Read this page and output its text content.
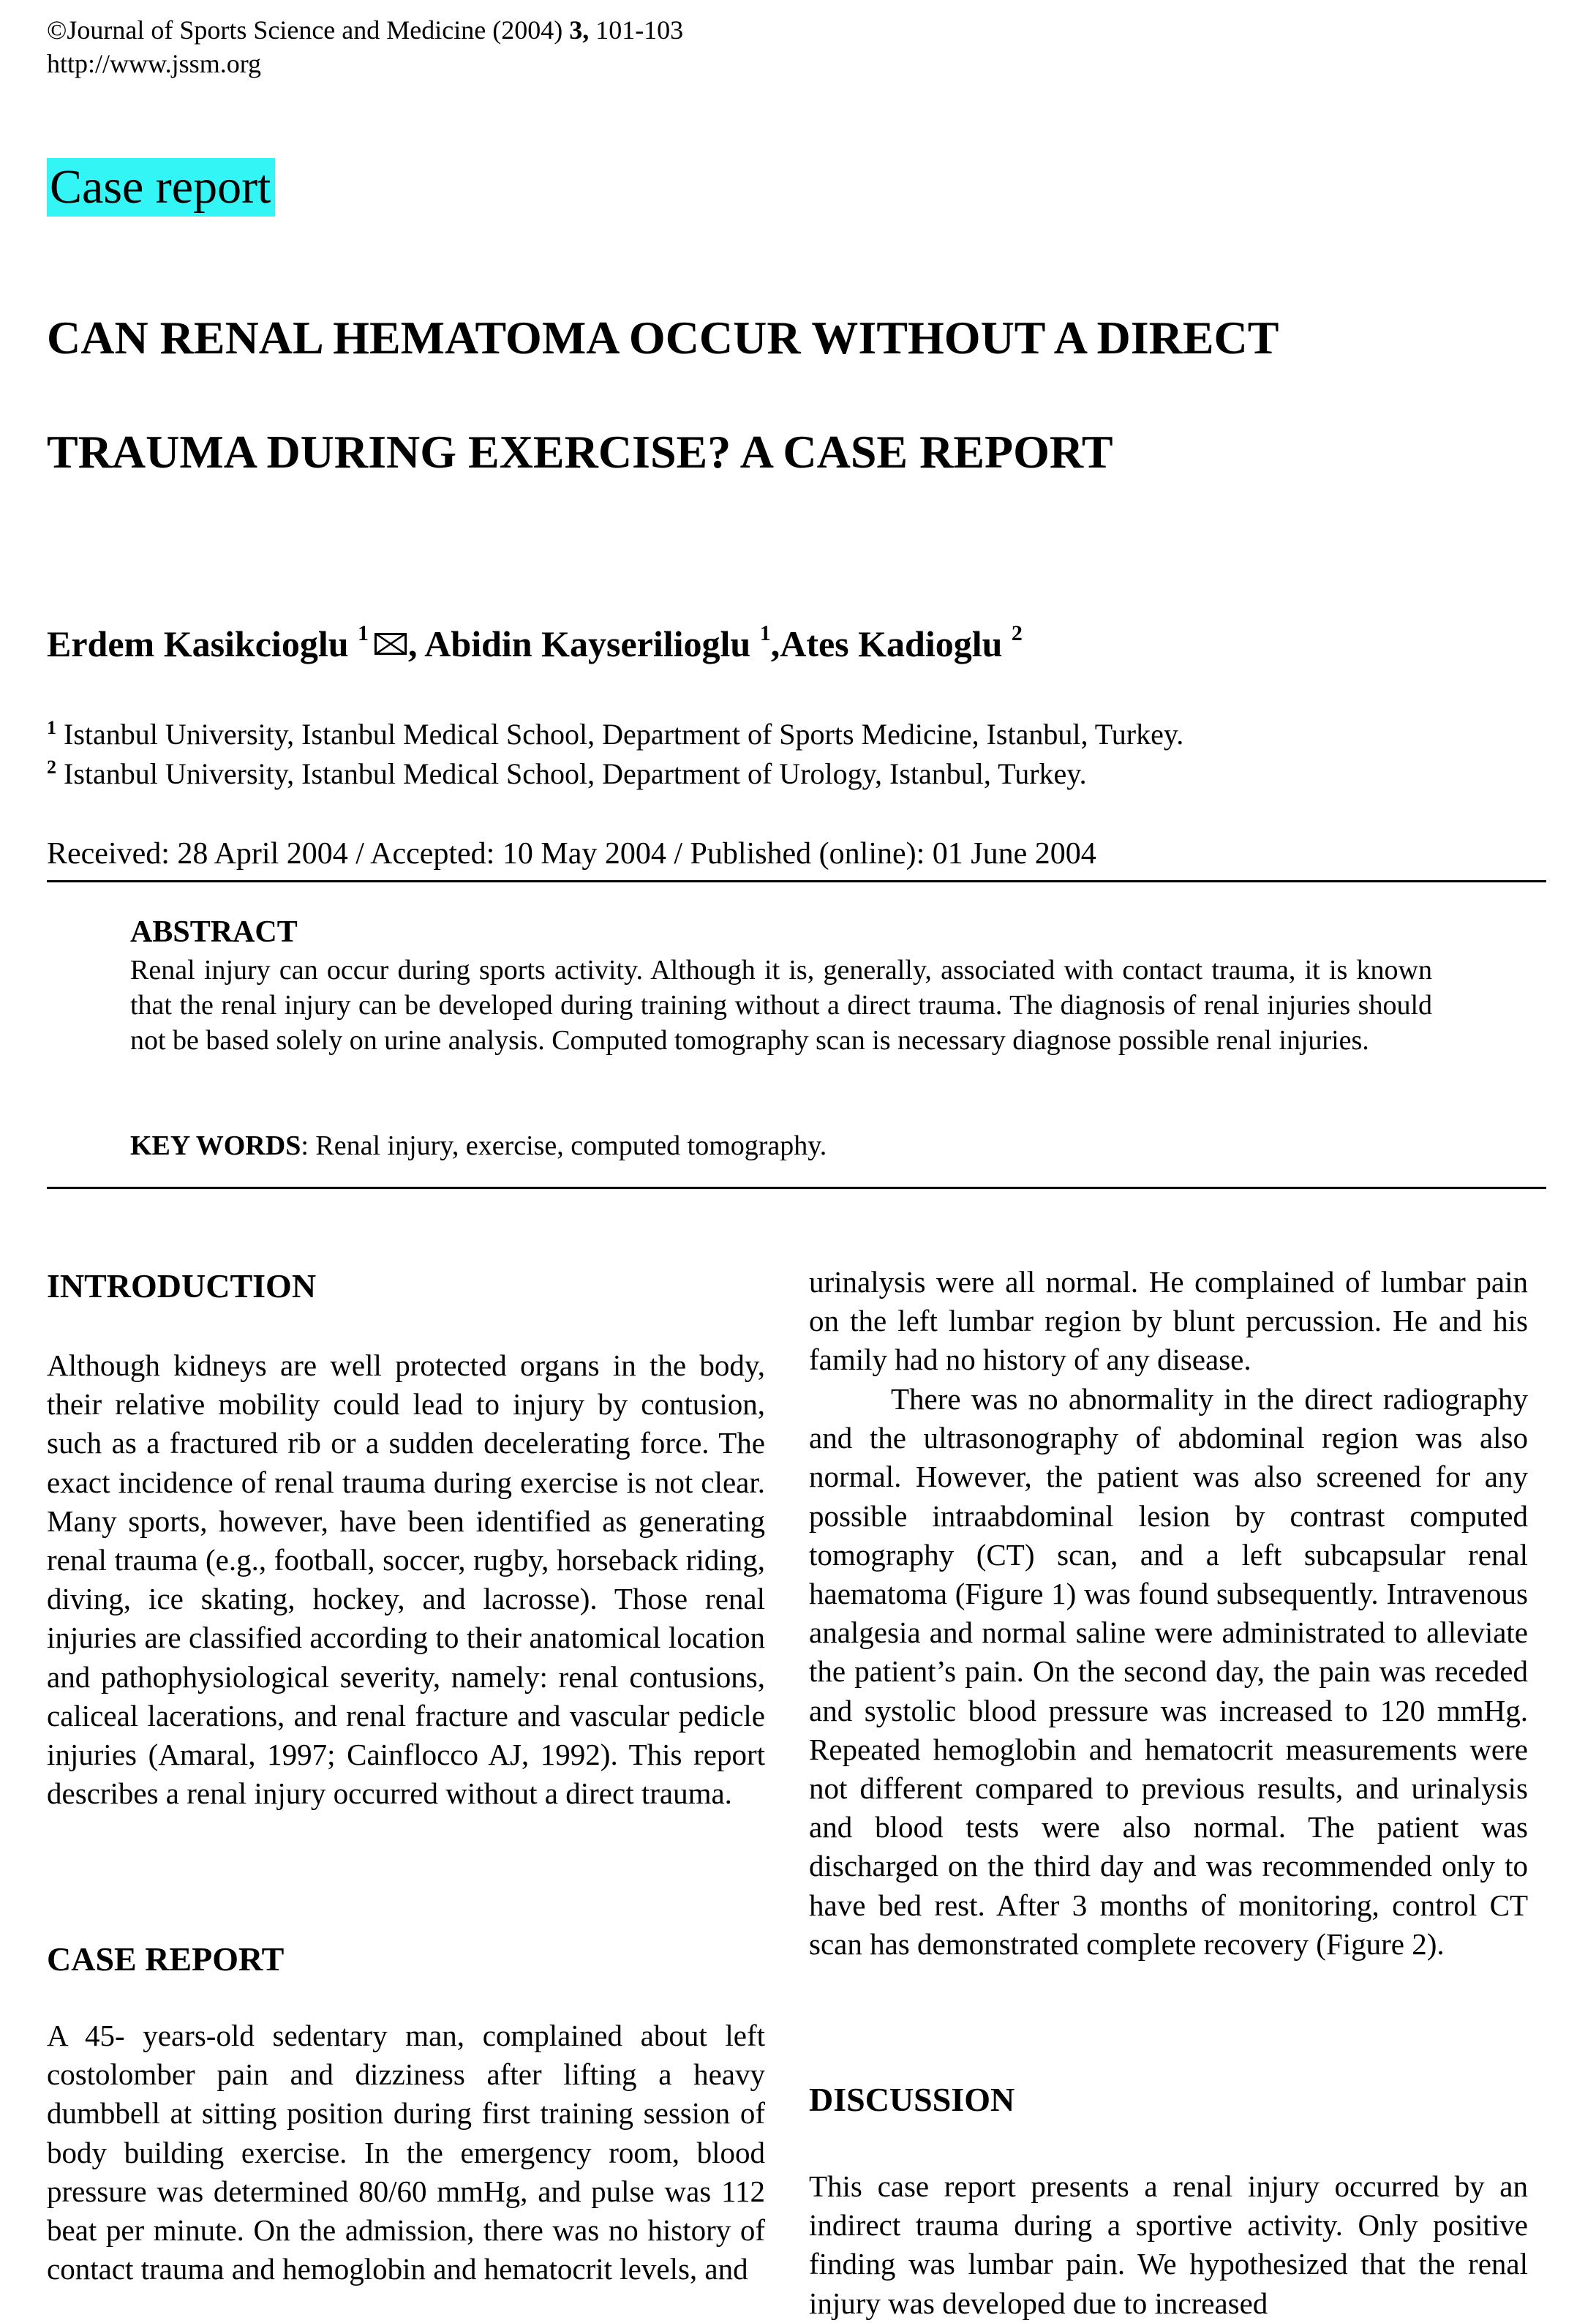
©Journal of Sports Science and Medicine (2004) 3, 101-103
http://www.jssm.org
Case report
CAN RENAL HEMATOMA OCCUR WITHOUT A DIRECT
TRAUMA DURING EXERCISE? A CASE REPORT
Erdem Kasikcioglu $^1$ , Abidin Kayserilioglu $^1$,Ates Kadioglu $^2$
$^1$ Istanbul University, Istanbul Medical School, Department of Sports Medicine, Istanbul, Turkey.
$^2$ Istanbul University, Istanbul Medical School, Department of Urology, Istanbul, Turkey.
Received: 28 April 2004 / Accepted: 10 May 2004 / Published (online): 01 June 2004
ABSTRACT
Renal injury can occur during sports activity. Although it is, generally, associated with contact trauma, it is known that the renal injury can be developed during training without a direct trauma. The diagnosis of renal injuries should not be based solely on urine analysis. Computed tomography scan is necessary diagnose possible renal injuries.
KEY WORDS: Renal injury, exercise, computed tomography.
INTRODUCTION

Although kidneys are well protected organs in the body, their relative mobility could lead to injury by contusion, such as a fractured rib or a sudden decelerating force. The exact incidence of renal trauma during exercise is not clear. Many sports, however, have been identified as generating renal trauma (e.g., football, soccer, rugby, horseback riding, diving, ice skating, hockey, and lacrosse). Those renal injuries are classified according to their anatomical location and pathophysiological severity, namely: renal contusions, caliceal lacerations, and renal fracture and vascular pedicle injuries (Amaral, 1997; Cainflocco AJ, 1992). This report describes a renal injury occurred without a direct trauma.

CASE REPORT

A 45- years-old sedentary man, complained about left costolomber pain and dizziness after lifting a heavy dumbbell at sitting position during first training session of body building exercise. In the emergency room, blood pressure was determined 80/60 mmHg, and pulse was 112 beat per minute. On the admission, there was no history of contact trauma and hemoglobin and hematocrit levels, and

urinalysis were all normal. He complained of lumbar pain on the left lumbar region by blunt percussion. He and his family had no history of any disease.

There was no abnormality in the direct radiography and the ultrasonography of abdominal region was also normal. However, the patient was also screened for any possible intraabdominal lesion by contrast computed tomography (CT) scan, and a left subcapsular renal haematoma (Figure 1) was found subsequently. Intravenous analgesia and normal saline were administrated to alleviate the patient’s pain. On the second day, the pain was receded and systolic blood pressure was increased to 120 mmHg. Repeated hemoglobin and hematocrit measurements were not different compared to previous results, and urinalysis and blood tests were also normal. The patient was discharged on the third day and was recommended only to have bed rest. After 3 months of monitoring, control CT scan has demonstrated complete recovery (Figure 2).

DISCUSSION

This case report presents a renal injury occurred by an indirect trauma during a sportive activity. Only positive finding was lumbar pain. We hypothesized that the renal injury was developed due to increased
